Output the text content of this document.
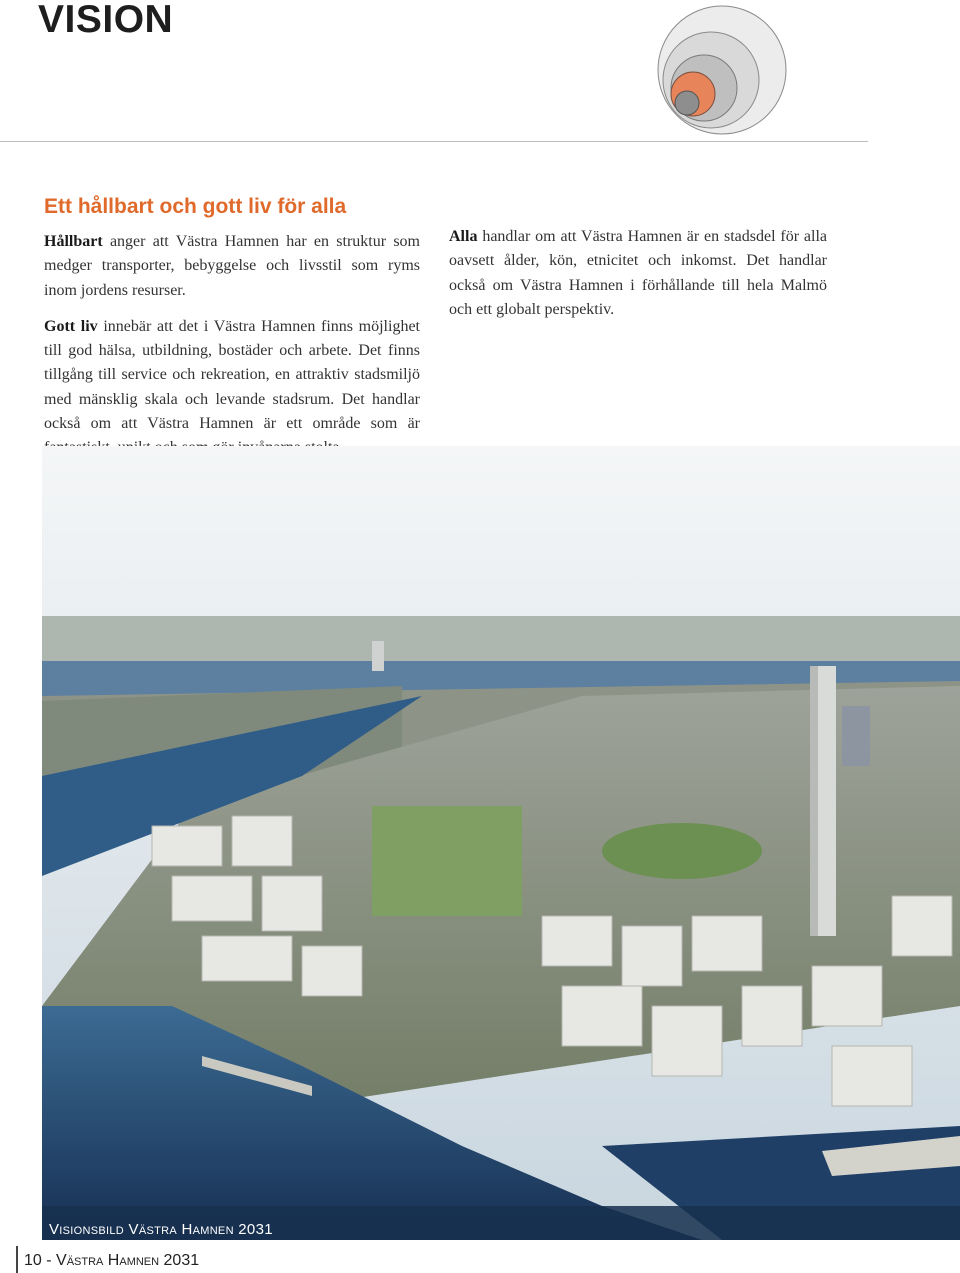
VISION
Ett hållbart och gott liv för alla

Hållbart anger att Västra Hamnen har en struktur som medger transporter, bebyggelse och livsstil som ryms inom jordens resurser.

Gott liv innebär att det i Västra Hamnen finns möjlighet till god hälsa, utbildning, bostäder och arbete. Det finns tillgång till service och rekreation, en attraktiv stadsmiljö med mänsklig skala och levande stadsrum. Det handlar också om att Västra Hamnen är ett område som är

Alla handlar om att Västra Hamnen är en stadsdel för alla oavsett ålder, kön, etnicitet och inkomst. Det handlar också om Västra Hamnen i förhållande till hela Malmö och ett globalt perspektiv.

Visionsbild Västra Hamnen 2031
10 - Västra Hamnen 2031
